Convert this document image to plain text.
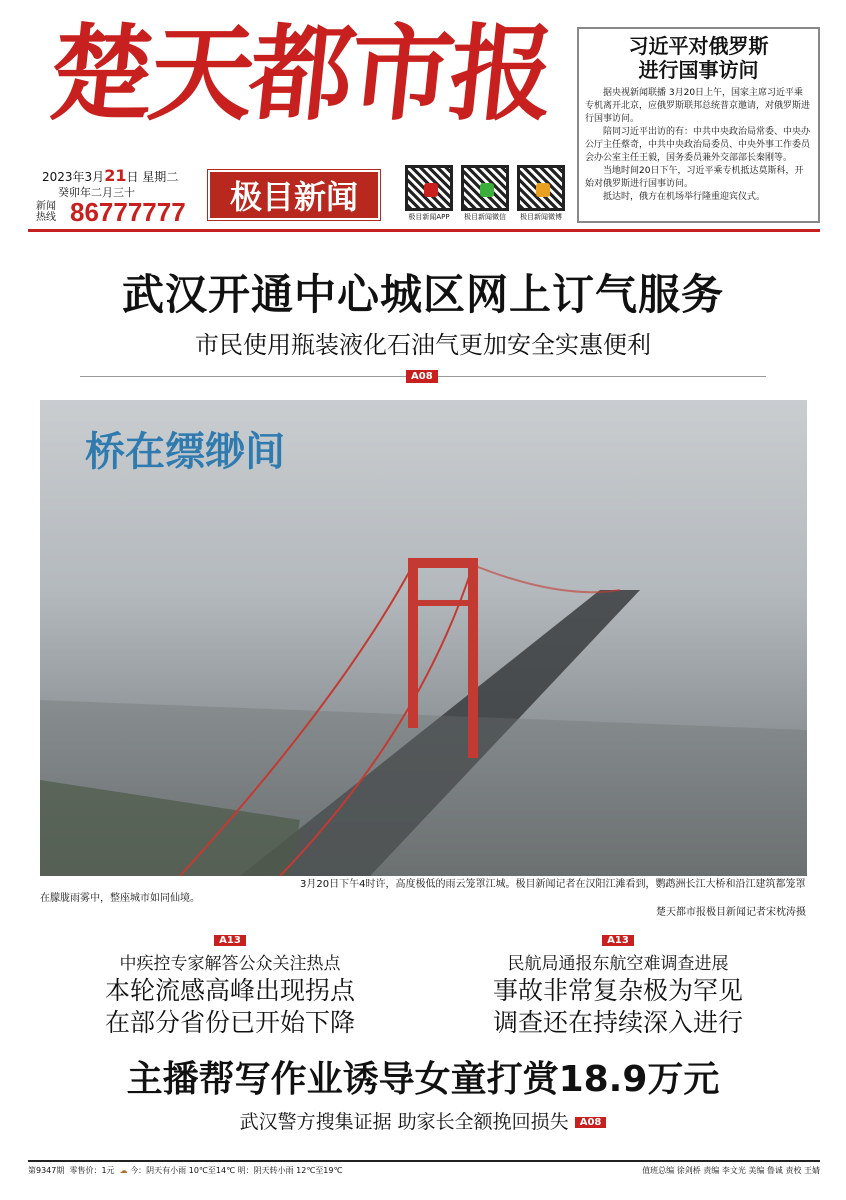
楚天都市报
2023年3月21日 星期二
癸卯年二月三十
新闻热线 86777777	极目新闻
极目新闻APP	极目新闻微信	极目新闻微博
习近平对俄罗斯
进行国事访问

据央视新闻联播 3月20日上午，国家主席习近平乘专机离开北京，应俄罗斯联邦总统普京邀请，对俄罗斯进行国事访问。

陪同习近平出访的有：中共中央政治局常委、中央办公厅主任蔡奇，中共中央政治局委员、中央外事工作委员会办公室主任王毅，国务委员兼外交部部长秦刚等。

当地时间20日下午，习近平乘专机抵达莫斯科，开始对俄罗斯进行国事访问。

抵达时，俄方在机场举行隆重迎宾仪式。

武汉开通中心城区网上订气服务
市民使用瓶装液化石油气更加安全实惠便利
A08
桥在缥缈间
3月20日下午4时许，高度极低的雨云笼罩江城。极目新闻记者在汉阳江滩看到，鹦鹉洲长江大桥和沿江建筑都笼罩在朦胧雨雾中，整座城市如同仙境。
楚天都市报极目新闻记者宋枕涛摄
A13
中疾控专家解答公众关注热点
本轮流感高峰出现拐点
在部分省份已开始下降
A13
民航局通报东航空难调查进展
事故非常复杂极为罕见
调查还在持续深入进行
主播帮写作业诱导女童打赏18.9万元
武汉警方搜集证据 助家长全额挽回损失 A08
第9347期 零售价：1元 ☁ 今：阴天有小雨 10℃至14℃ 明：阴天转小雨 12℃至19℃	值班总编 徐剑桥 责编 李文光 美编 鲁诚 责校 王婧
